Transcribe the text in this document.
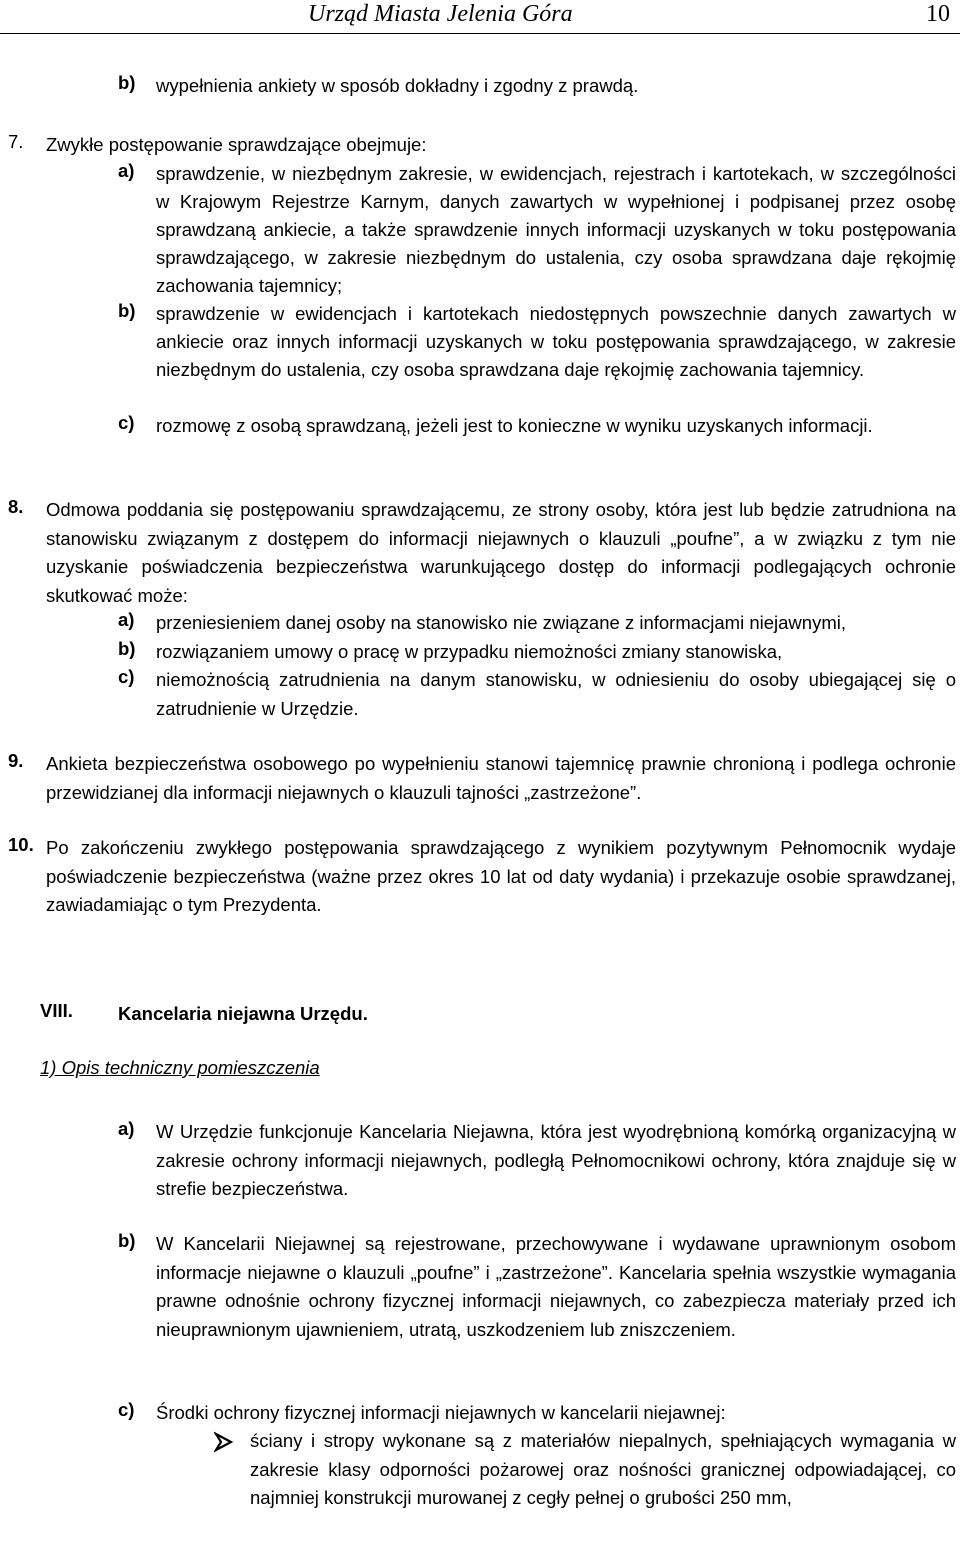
Urząd Miasta Jelenia Góra	10
b) wypełnienia ankiety w sposób dokładny i zgodny z prawdą.
7. Zwykłe postępowanie sprawdzające obejmuje:
a) sprawdzenie, w niezbędnym zakresie, w ewidencjach, rejestrach i kartotekach, w szczególności w Krajowym Rejestrze Karnym, danych zawartych w wypełnionej i podpisanej przez osobę sprawdzaną ankiecie, a także sprawdzenie innych informacji uzyskanych w toku postępowania sprawdzającego, w zakresie niezbędnym do ustalenia, czy osoba sprawdzana daje rękojmię zachowania tajemnicy;
b) sprawdzenie w ewidencjach i kartotekach niedostępnych powszechnie danych zawartych w ankiecie oraz innych informacji uzyskanych w toku postępowania sprawdzającego, w zakresie niezbędnym do ustalenia, czy osoba sprawdzana daje rękojmię zachowania tajemnicy.
c) rozmowę z osobą sprawdzaną, jeżeli jest to konieczne w wyniku uzyskanych informacji.
8. Odmowa poddania się postępowaniu sprawdzającemu, ze strony osoby, która jest lub będzie zatrudniona na stanowisku związanym z dostępem do informacji niejawnych o klauzuli „poufne”, a w związku z tym nie uzyskanie poświadczenia bezpieczeństwa warunkującego dostęp do informacji podlegających ochronie skutkować może:
a) przeniesieniem danej osoby na stanowisko nie związane z informacjami niejawnymi,
b) rozwiązaniem umowy o pracę w przypadku niemożności zmiany stanowiska,
c) niemożnością zatrudnienia na danym stanowisku, w odniesieniu do osoby ubiegającej się o zatrudnienie w Urzędzie.
9. Ankieta bezpieczeństwa osobowego po wypełnieniu stanowi tajemnicę prawnie chronioną i podlega ochronie przewidzianej dla informacji niejawnych o klauzuli tajności „zastrzeżone”.
10. Po zakończeniu zwykłego postępowania sprawdzającego z wynikiem pozytywnym Pełnomocnik wydaje poświadczenie bezpieczeństwa (ważne przez okres 10 lat od daty wydania) i przekazuje osobie sprawdzanej, zawiadamiając o tym Prezydenta.
VIII. Kancelaria niejawna Urzędu.
1) Opis techniczny pomieszczenia
a) W Urzędzie funkcjonuje Kancelaria Niejawna, która jest wyodrębnioną komórką organizacyjną w zakresie ochrony informacji niejawnych, podległą Pełnomocnikowi ochrony, która znajduje się w strefie bezpieczeństwa.
b) W Kancelarii Niejawnej są rejestrowane, przechowywane i wydawane uprawnionym osobom informacje niejawne o klauzuli „poufne” i „zastrzeżone”. Kancelaria spełnia wszystkie wymagania prawne odnośnie ochrony fizycznej informacji niejawnych, co zabezpiecza materiały przed ich nieuprawnionym ujawnieniem, utratą, uszkodzeniem lub zniszczeniem.
c) Środki ochrony fizycznej informacji niejawnych w kancelarii niejawnej:
ściany i stropy wykonane są z materiałów niepalnych, spełniających wymagania w zakresie klasy odporności pożarowej oraz nośności granicznej odpowiadającej, co najmniej konstrukcji murowanej z cegły pełnej o grubości 250 mm,
